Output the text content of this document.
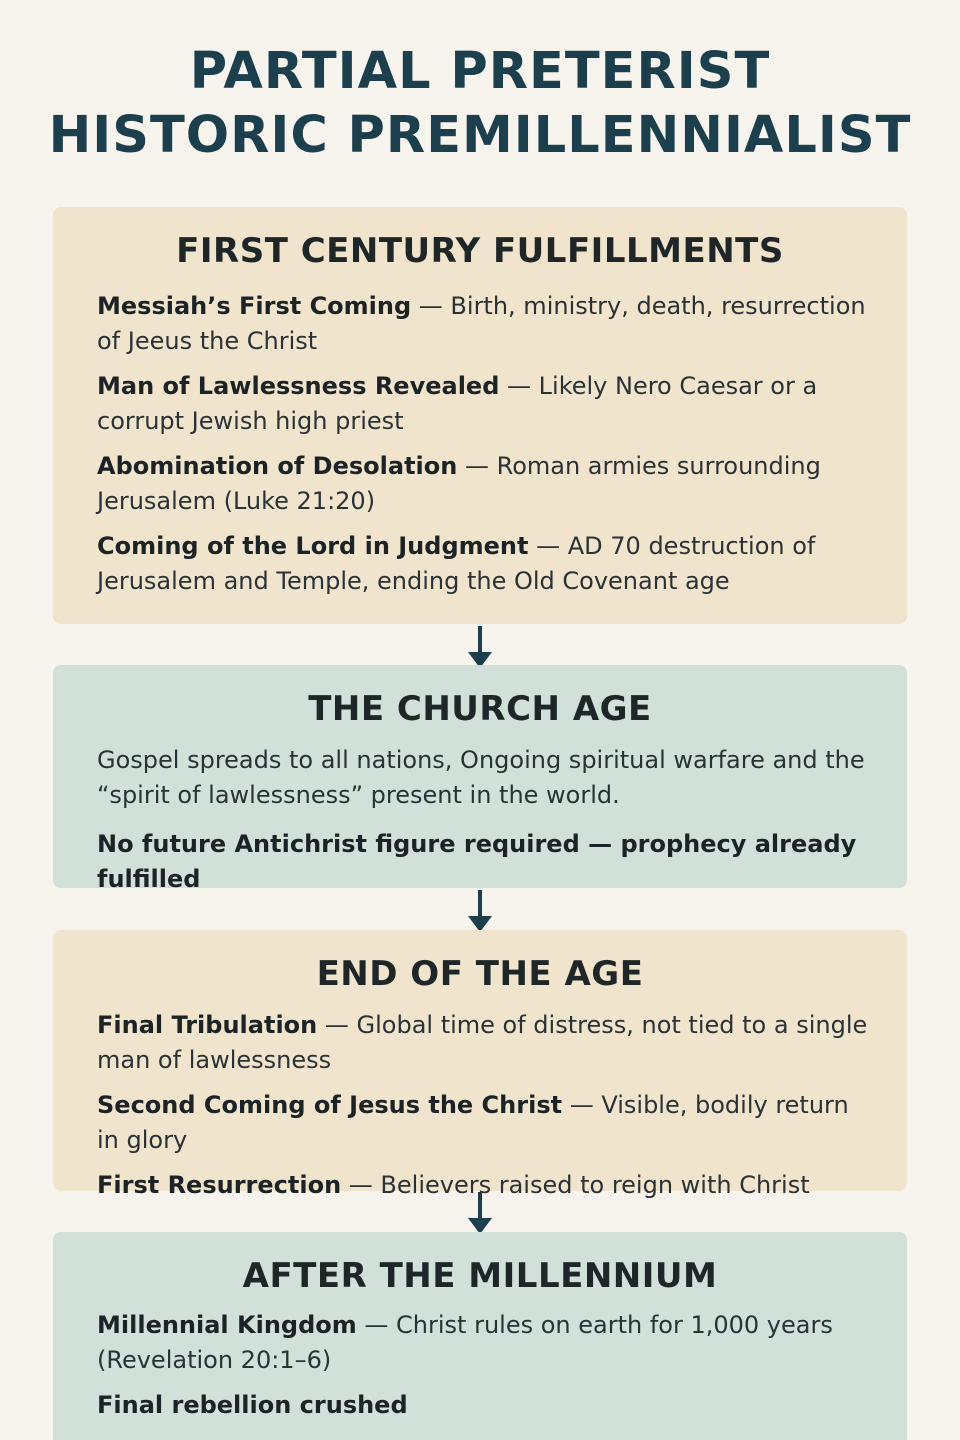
PARTIAL PRETERIST
HISTORIC PREMILLENNIALIST
FIRST CENTURY FULFILLMENTS
Messiah’s First Coming — Birth, ministry, death, resurrection of Jeeus the Christ
Man of Lawlessness Revealed — Likely Nero Caesar or a corrupt Jewish high priest
Abomination of Desolation — Roman armies surrounding Jerusalem (Luke 21:20)
Coming of the Lord in Judgment — AD 70 destruction of Jerusalem and Temple, ending the Old Covenant age
THE CHURCH AGE
Gospel spreads to all nations, Ongoing spiritual warfare and the “spirit of lawlessness” present in the world.
No future Antichrist figure required — prophecy already fulfilled
END OF THE AGE
Final Tribulation — Global time of distress, not tied to a single man of lawlessness
Second Coming of Jesus the Christ — Visible, bodily return in glory
First Resurrection — Believers raised to reign with Christ
AFTER THE MILLENNIUM
Millennial Kingdom — Christ rules on earth for 1,000 years (Revelation 20:1–6)
Final rebellion crushed
